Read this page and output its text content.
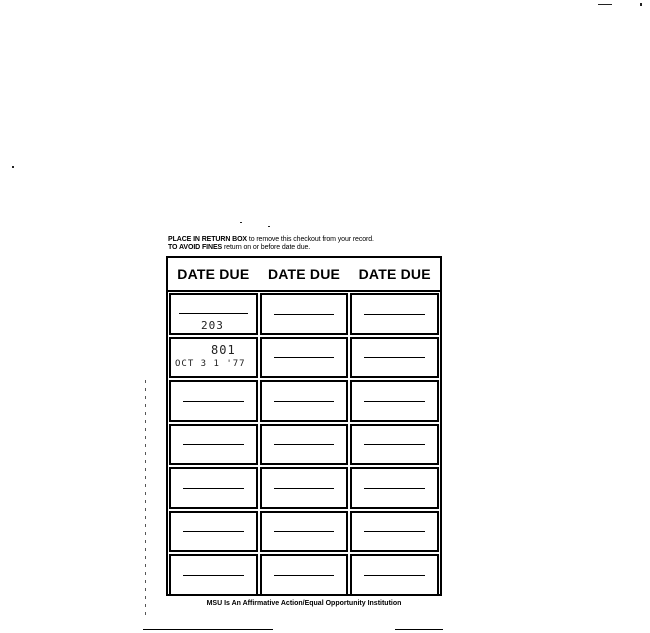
PLACE IN RETURN BOX to remove this checkout from your record.
TO AVOID FINES return on or before date due.
DATE DUE	DATE DUE	DATE DUE
203
801
OCT 3 1 '77
MSU Is An Affirmative Action/Equal Opportunity Institution
